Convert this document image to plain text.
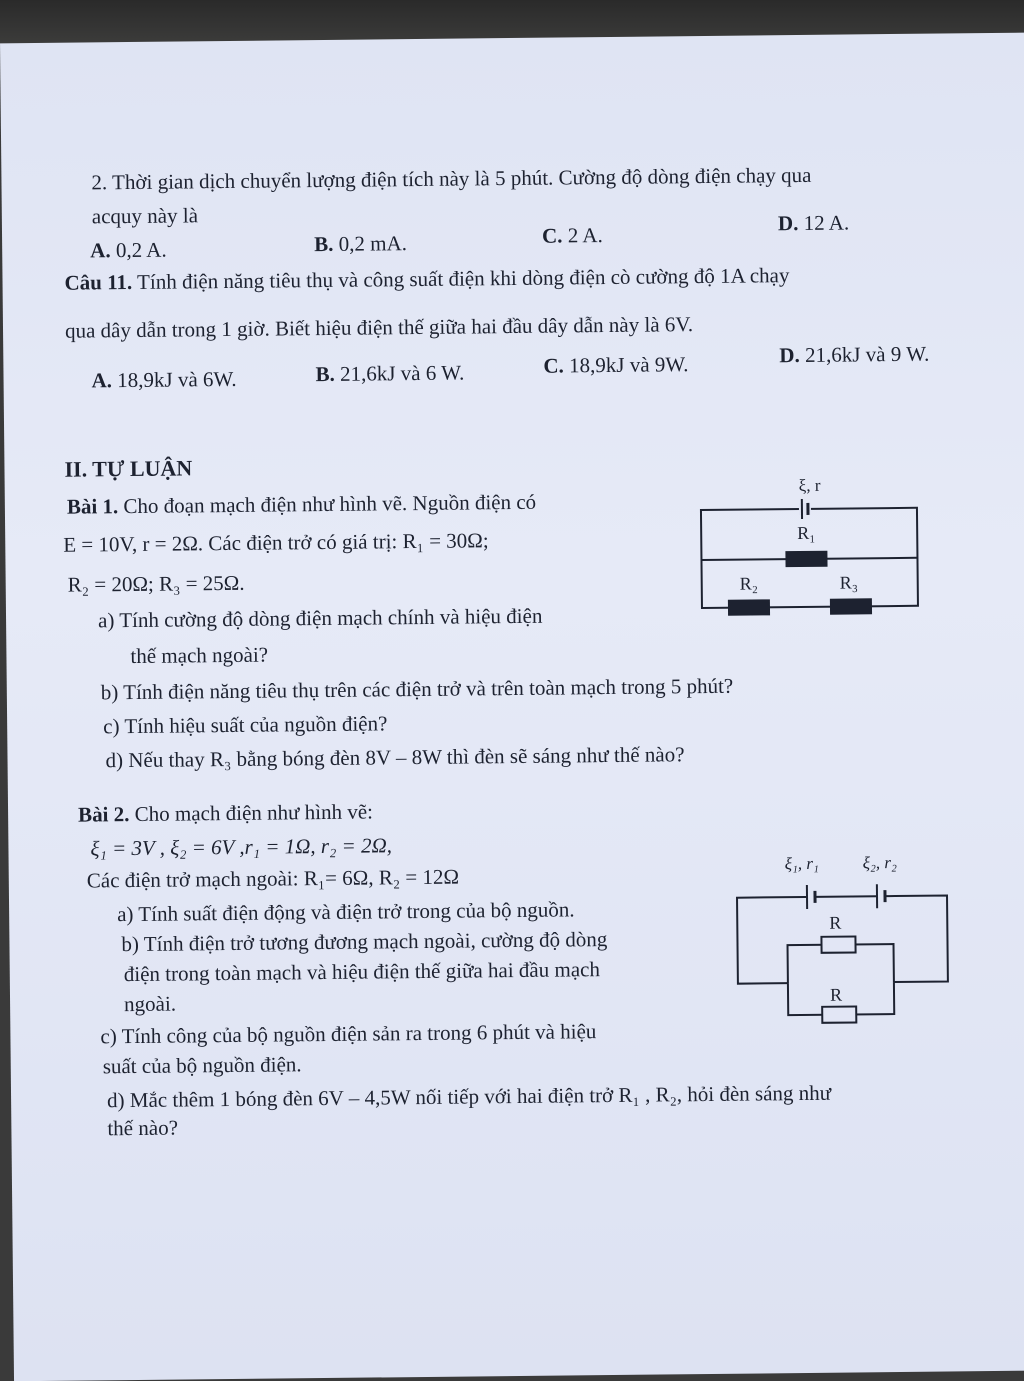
2. Thời gian dịch chuyển lượng điện tích này là 5 phút. Cường độ dòng điện chạy qua
acquy này là
A. 0,2 A.	B. 0,2 mA.	C. 2 A.	D. 12 A.
Câu 11. Tính điện năng tiêu thụ và công suất điện khi dòng điện cò cường độ 1A chạy
qua dây dẫn trong 1 giờ. Biết hiệu điện thế giữa hai đầu dây dẫn này là 6V.
A. 18,9kJ và 6W.	B. 21,6kJ và 6 W.	C. 18,9kJ và 9W.	D. 21,6kJ và 9 W.
II. TỰ LUẬN
Bài 1. Cho đoạn mạch điện như hình vẽ. Nguồn điện có
E = 10V, r = 2Ω. Các điện trở có giá trị: R₁ = 30Ω;
R₂ = 20Ω; R₃ = 25Ω.
a) Tính cường độ dòng điện mạch chính và hiệu điện
thế mạch ngoài?
b) Tính điện năng tiêu thụ trên các điện trở và trên toàn mạch trong 5 phút?
c) Tính hiệu suất của nguồn điện?
d) Nếu thay R₃ bằng bóng đèn 8V – 8W thì đèn sẽ sáng như thế nào?
ξ, r
R₁
R₂	R₃
Bài 2. Cho mạch điện như hình vẽ:
ξ₁ = 3V , ξ₂ = 6V ,r₁ = 1Ω, r₂ = 2Ω,
Các điện trở mạch ngoài: R₁= 6Ω, R₂ = 12Ω
a) Tính suất điện động và điện trở trong của bộ nguồn.
b) Tính điện trở tương đương mạch ngoài, cường độ dòng
điện trong toàn mạch và hiệu điện thế giữa hai đầu mạch
ngoài.
c) Tính công của bộ nguồn điện sản ra trong 6 phút và hiệu
suất của bộ nguồn điện.
d) Mắc thêm 1 bóng đèn 6V – 4,5W nối tiếp với hai điện trở R₁ , R₂, hỏi đèn sáng như
thế nào?
ξ₁, r₁	ξ₂, r₂
R
R
